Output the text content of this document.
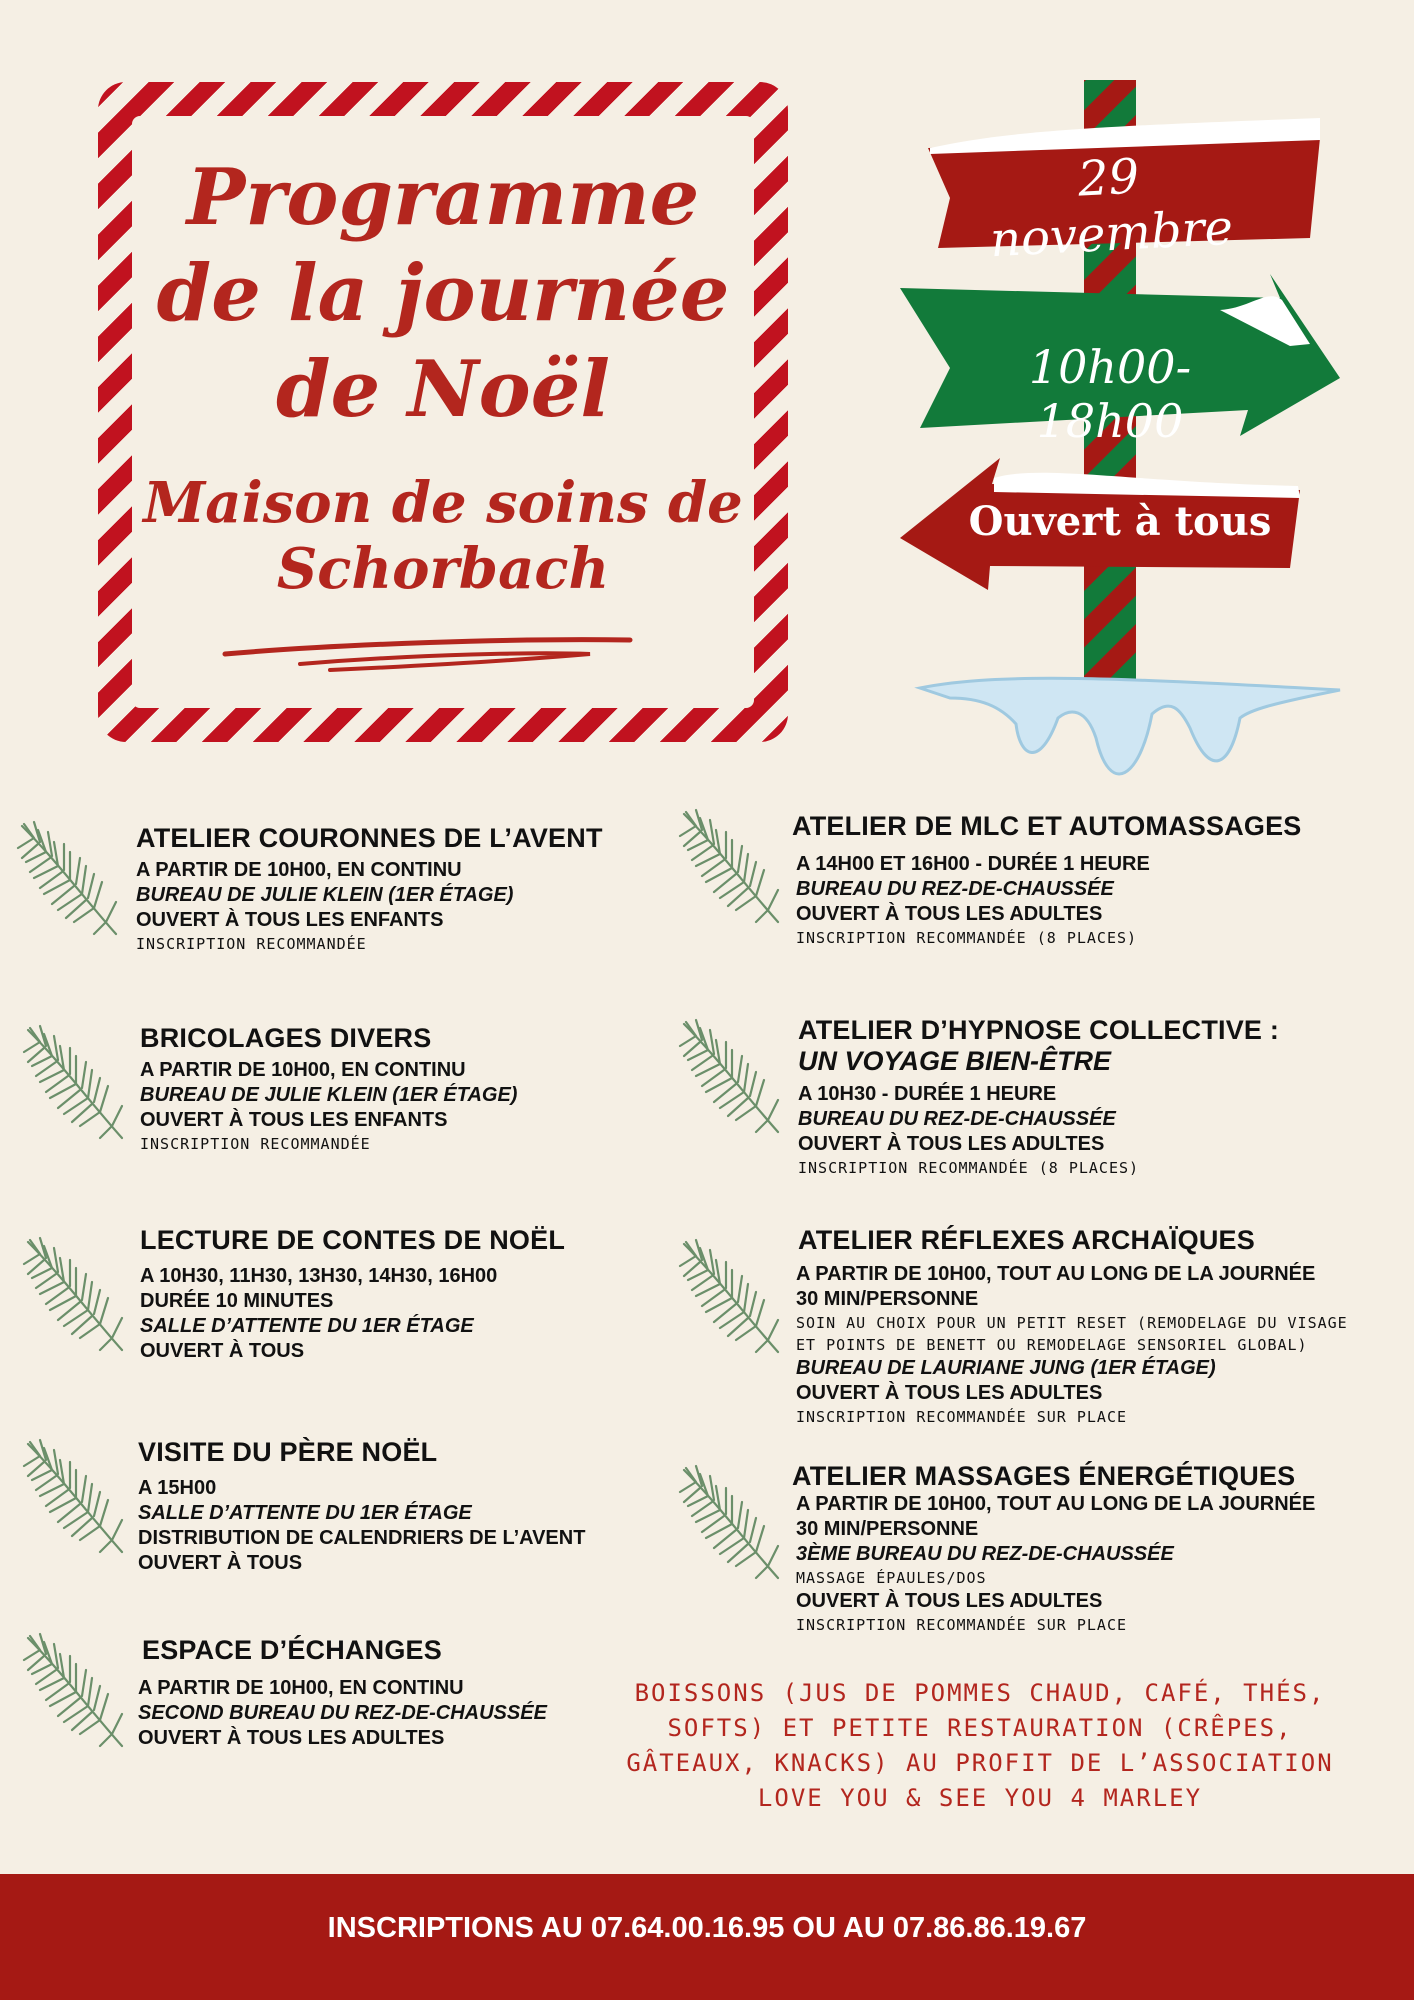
Programme de la journée de Noël
Maison de soins de Schorbach
29 novembre
10h00-18h00
Ouvert à tous
ATELIER COURONNES DE L’AVENT
A PARTIR DE 10H00, EN CONTINU
BUREAU DE JULIE KLEIN (1ER ÉTAGE)
OUVERT À TOUS LES ENFANTS
INSCRIPTION RECOMMANDÉE
BRICOLAGES DIVERS
A PARTIR DE 10H00, EN CONTINU
BUREAU DE JULIE KLEIN (1ER ÉTAGE)
OUVERT À TOUS LES ENFANTS
INSCRIPTION RECOMMANDÉE
LECTURE DE CONTES DE NOËL
A 10H30, 11H30, 13H30, 14H30, 16H00
DURÉE 10 MINUTES
SALLE D’ATTENTE DU 1ER ÉTAGE
OUVERT À TOUS
VISITE DU PÈRE NOËL
A 15H00
SALLE D’ATTENTE DU 1ER ÉTAGE
DISTRIBUTION DE CALENDRIERS DE L’AVENT
OUVERT À TOUS
ESPACE D’ÉCHANGES
A PARTIR DE 10H00, EN CONTINU
SECOND BUREAU DU REZ-DE-CHAUSSÉE
OUVERT À TOUS LES ADULTES
ATELIER DE MLC ET AUTOMASSAGES
A 14H00 ET 16H00 - DURÉE 1 HEURE
BUREAU DU REZ-DE-CHAUSSÉE
OUVERT À TOUS LES ADULTES
INSCRIPTION RECOMMANDÉE (8 PLACES)
ATELIER D’HYPNOSE COLLECTIVE :
UN VOYAGE BIEN-ÊTRE
A 10H30 - DURÉE 1 HEURE
BUREAU DU REZ-DE-CHAUSSÉE
OUVERT À TOUS LES ADULTES
INSCRIPTION RECOMMANDÉE (8 PLACES)
ATELIER RÉFLEXES ARCHAÏQUES
A PARTIR DE 10H00, TOUT AU LONG DE LA JOURNÉE
30 MIN/PERSONNE
SOIN AU CHOIX POUR UN PETIT RESET (REMODELAGE DU VISAGE
ET POINTS DE BENETT OU REMODELAGE SENSORIEL GLOBAL)
BUREAU DE LAURIANE JUNG (1ER ÉTAGE)
OUVERT À TOUS LES ADULTES
INSCRIPTION RECOMMANDÉE SUR PLACE
ATELIER MASSAGES ÉNERGÉTIQUES
A PARTIR DE 10H00, TOUT AU LONG DE LA JOURNÉE
30 MIN/PERSONNE
3ÈME BUREAU DU REZ-DE-CHAUSSÉE
MASSAGE ÉPAULES/DOS
OUVERT À TOUS LES ADULTES
INSCRIPTION RECOMMANDÉE SUR PLACE
BOISSONS (JUS DE POMMES CHAUD, CAFÉ, THÉS, SOFTS) ET PETITE RESTAURATION (CRÊPES, GÂTEAUX, KNACKS) AU PROFIT DE L’ASSOCIATION LOVE YOU & SEE YOU 4 MARLEY
INSCRIPTIONS AU 07.64.00.16.95 OU AU 07.86.86.19.67
